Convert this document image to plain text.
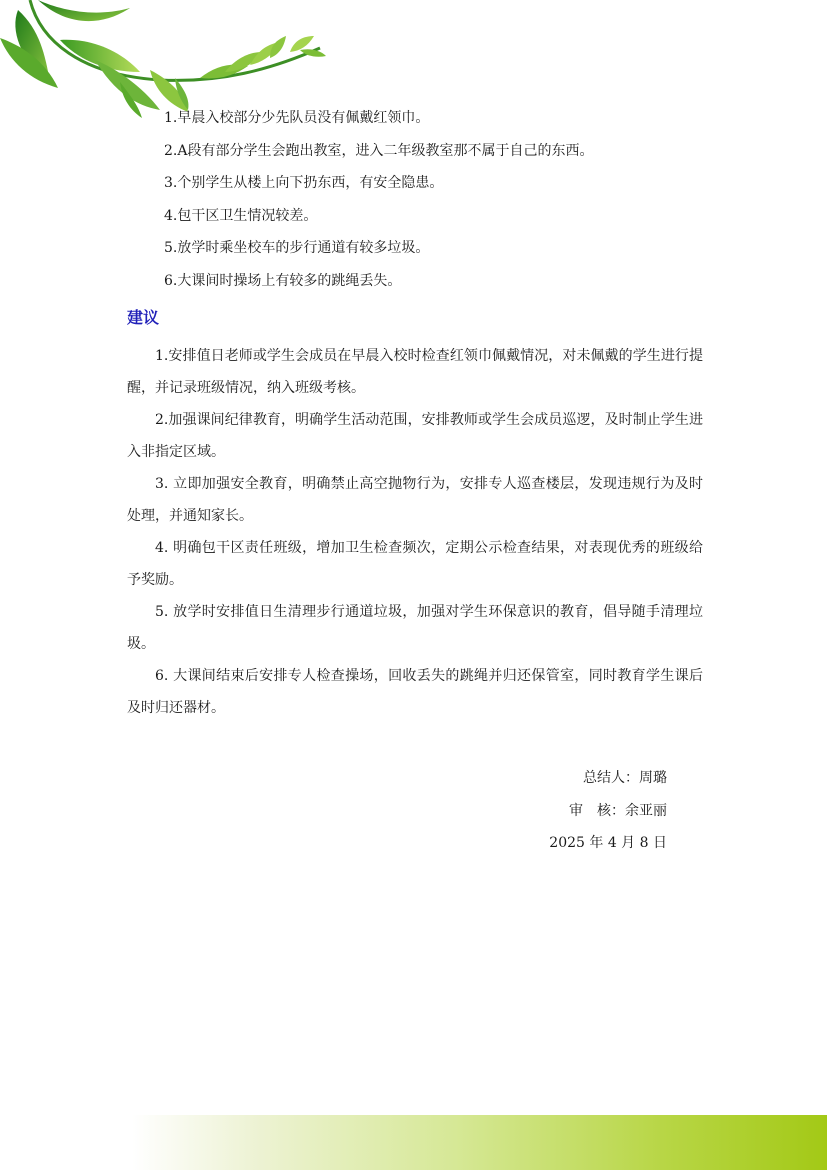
1.早晨入校部分少先队员没有佩戴红领巾。
2.A段有部分学生会跑出教室，进入二年级教室那不属于自己的东西。
3.个别学生从楼上向下扔东西，有安全隐患。
4.包干区卫生情况较差。
5.放学时乘坐校车的步行通道有较多垃圾。
6.大课间时操场上有较多的跳绳丢失。
建议

1.安排值日老师或学生会成员在早晨入校时检查红领巾佩戴情况，对未佩戴的学生进行提醒，并记录班级情况，纳入班级考核。

2.加强课间纪律教育，明确学生活动范围，安排教师或学生会成员巡逻，及时制止学生进入非指定区域。

3. 立即加强安全教育，明确禁止高空抛物行为，安排专人巡查楼层，发现违规行为及时处理，并通知家长。

4. 明确包干区责任班级，增加卫生检查频次，定期公示检查结果，对表现优秀的班级给予奖励。

5. 放学时安排值日生清理步行通道垃圾，加强对学生环保意识的教育，倡导随手清理垃圾。

6. 大课间结束后安排专人检查操场，回收丢失的跳绳并归还保管室，同时教育学生课后及时归还器材。

总结人：周璐
审　核：余亚丽
2025 年 4 月 8 日
